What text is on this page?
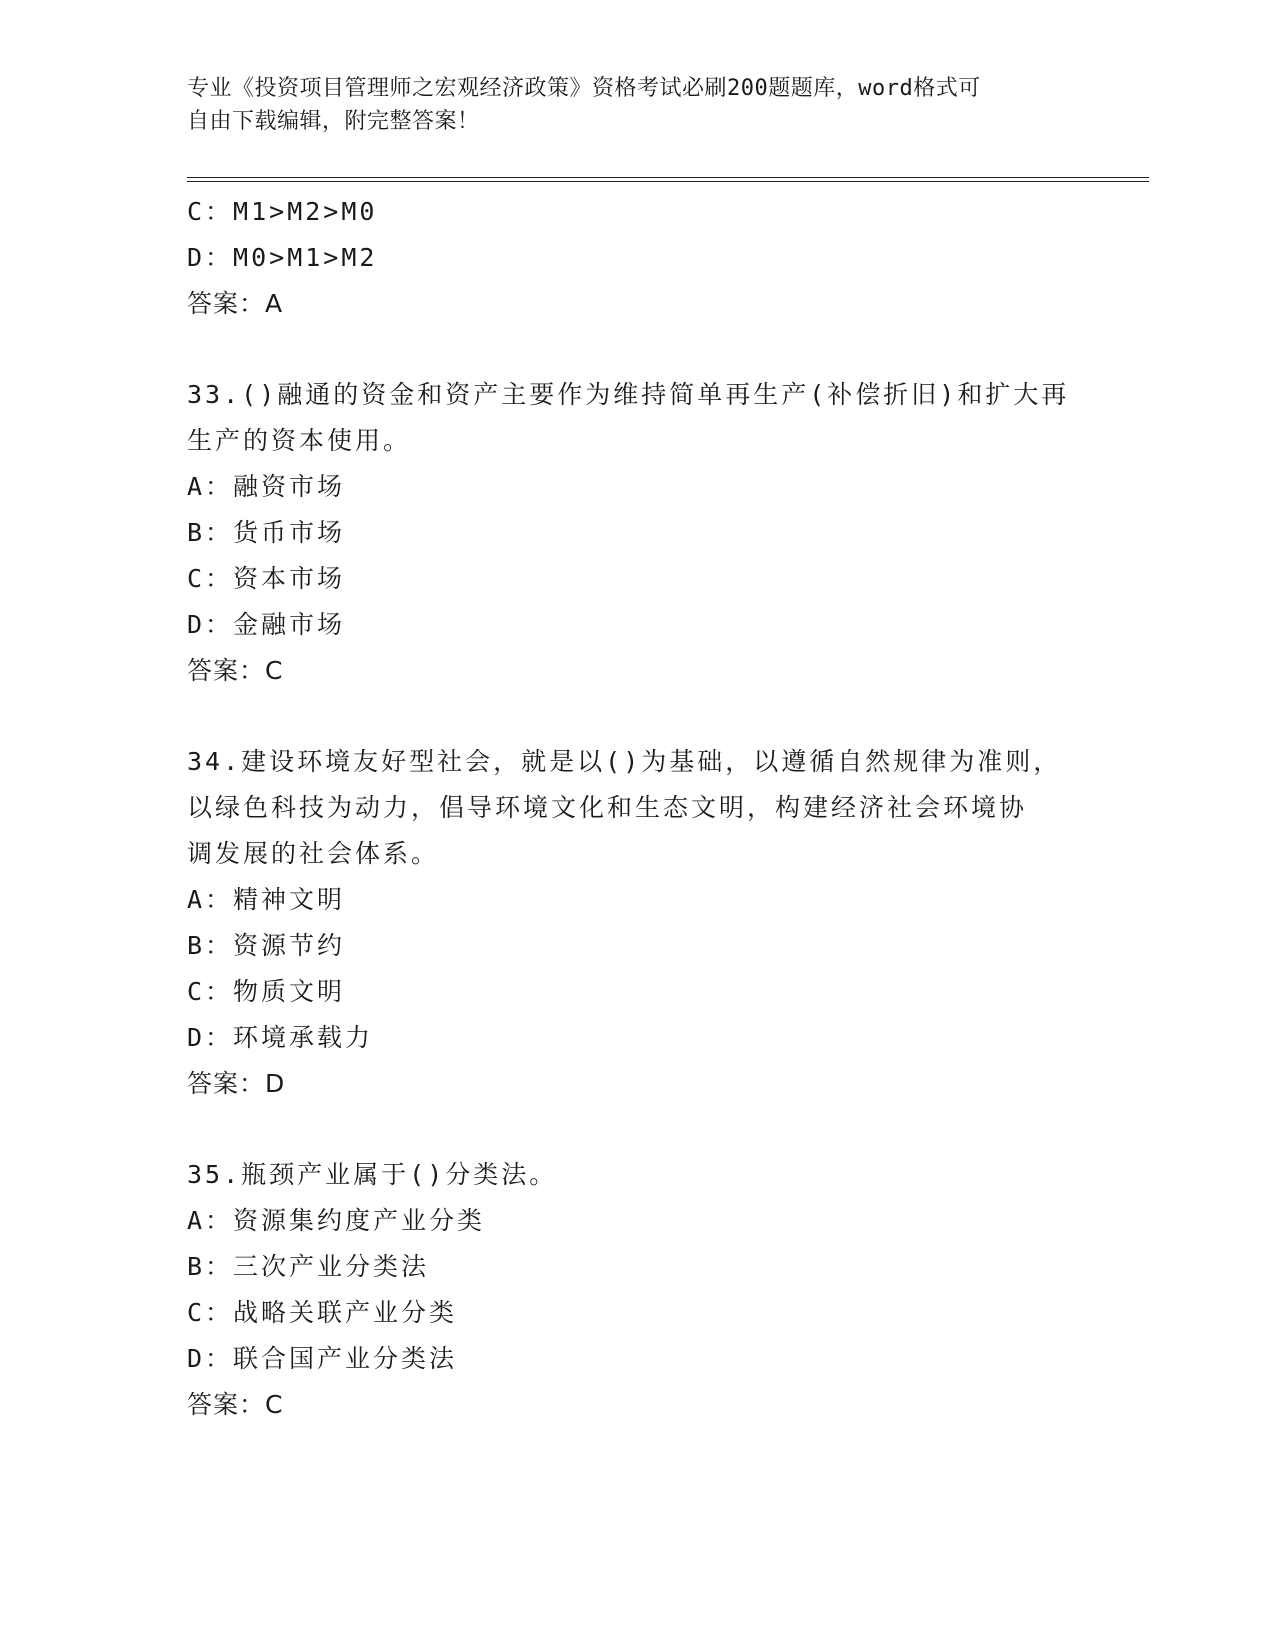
专业《投资项目管理师之宏观经济政策》资格考试必刷200题题库，word格式可
自由下载编辑，附完整答案！
C：M1>M2>M0
D：M0>M1>M2
答案：A
33.()融通的资金和资产主要作为维持简单再生产(补偿折旧)和扩大再
生产的资本使用。
A：融资市场
B：货币市场
C：资本市场
D：金融市场
答案：C
34.建设环境友好型社会，就是以()为基础，以遵循自然规律为准则，
以绿色科技为动力，倡导环境文化和生态文明，构建经济社会环境协
调发展的社会体系。
A：精神文明
B：资源节约
C：物质文明
D：环境承载力
答案：D
35.瓶颈产业属于()分类法。
A：资源集约度产业分类
B：三次产业分类法
C：战略关联产业分类
D：联合国产业分类法
答案：C
